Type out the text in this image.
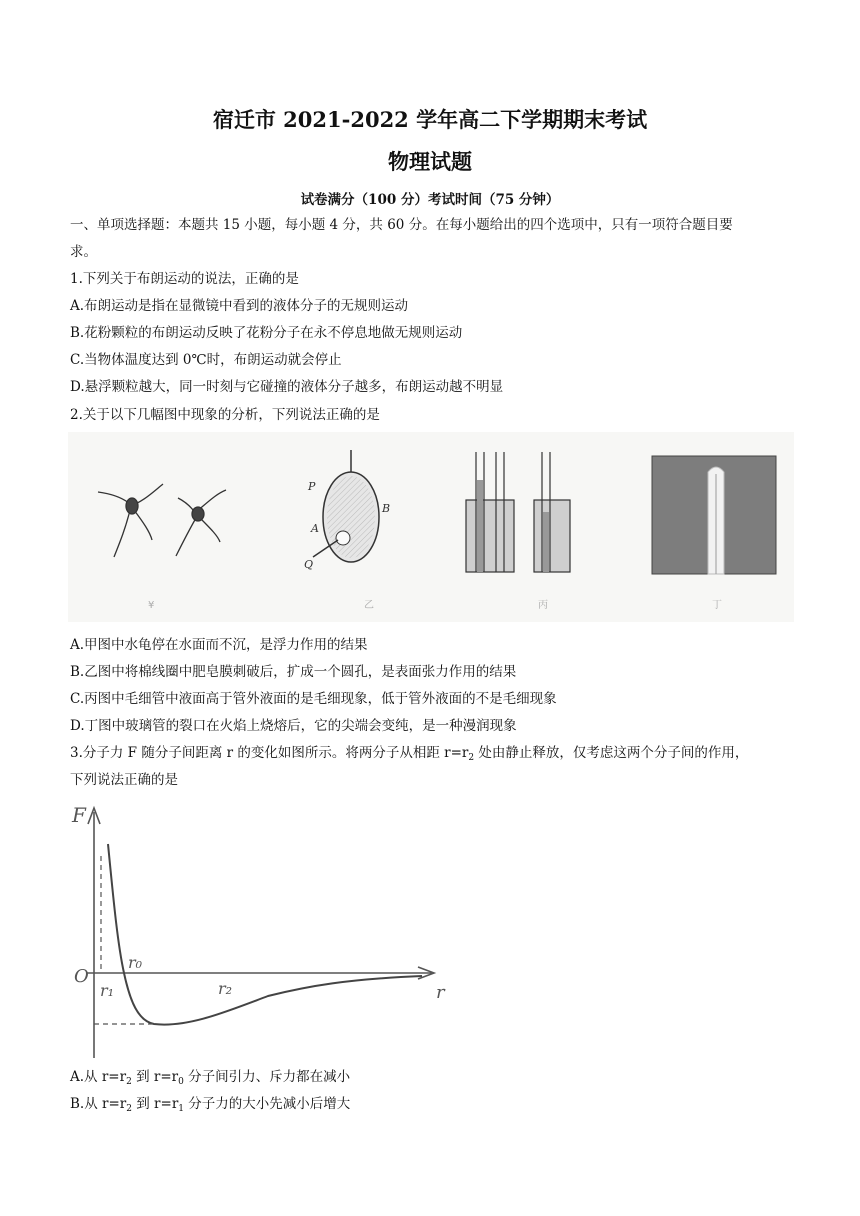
宿迁市 2021-2022 学年高二下学期期末考试
物理试题
试卷满分（100 分）考试时间（75 分钟）
一、单项选择题：本题共 15 小题，每小题 4 分，共 60 分。在每小题给出的四个选项中，只有一项符合题目要
求。
1.下列关于布朗运动的说法，正确的是
A.布朗运动是指在显微镜中看到的液体分子的无规则运动
B.花粉颗粒的布朗运动反映了花粉分子在永不停息地做无规则运动
C.当物体温度达到 0℃时，布朗运动就会停止
D.悬浮颗粒越大，同一时刻与它碰撞的液体分子越多，布朗运动越不明显
2.关于以下几幅图中现象的分析，下列说法正确的是
¥
P
A
Q
B
乙	丙	丁
A.甲图中水龟停在水面而不沉，是浮力作用的结果
B.乙图中将棉线圈中肥皂膜刺破后，扩成一个圆孔，是表面张力作用的结果
C.丙图中毛细管中液面高于管外液面的是毛细现象，低于管外液面的不是毛细现象
D.丁图中玻璃管的裂口在火焰上烧熔后，它的尖端会变纯，是一种漫润现象
3.分子力 F 随分子间距离 r 的变化如图所示。将两分子从相距 $r=r_2$ 处由静止释放，仅考虑这两个分子间的作用，
下列说法正确的是
F
O
r
r₀
r₁	r₂
A.从 $r=r_2$ 到 $r=r_0$ 分子间引力、斥力都在减小
B.从 $r=r_2$ 到 $r=r_1$ 分子力的大小先减小后增大
